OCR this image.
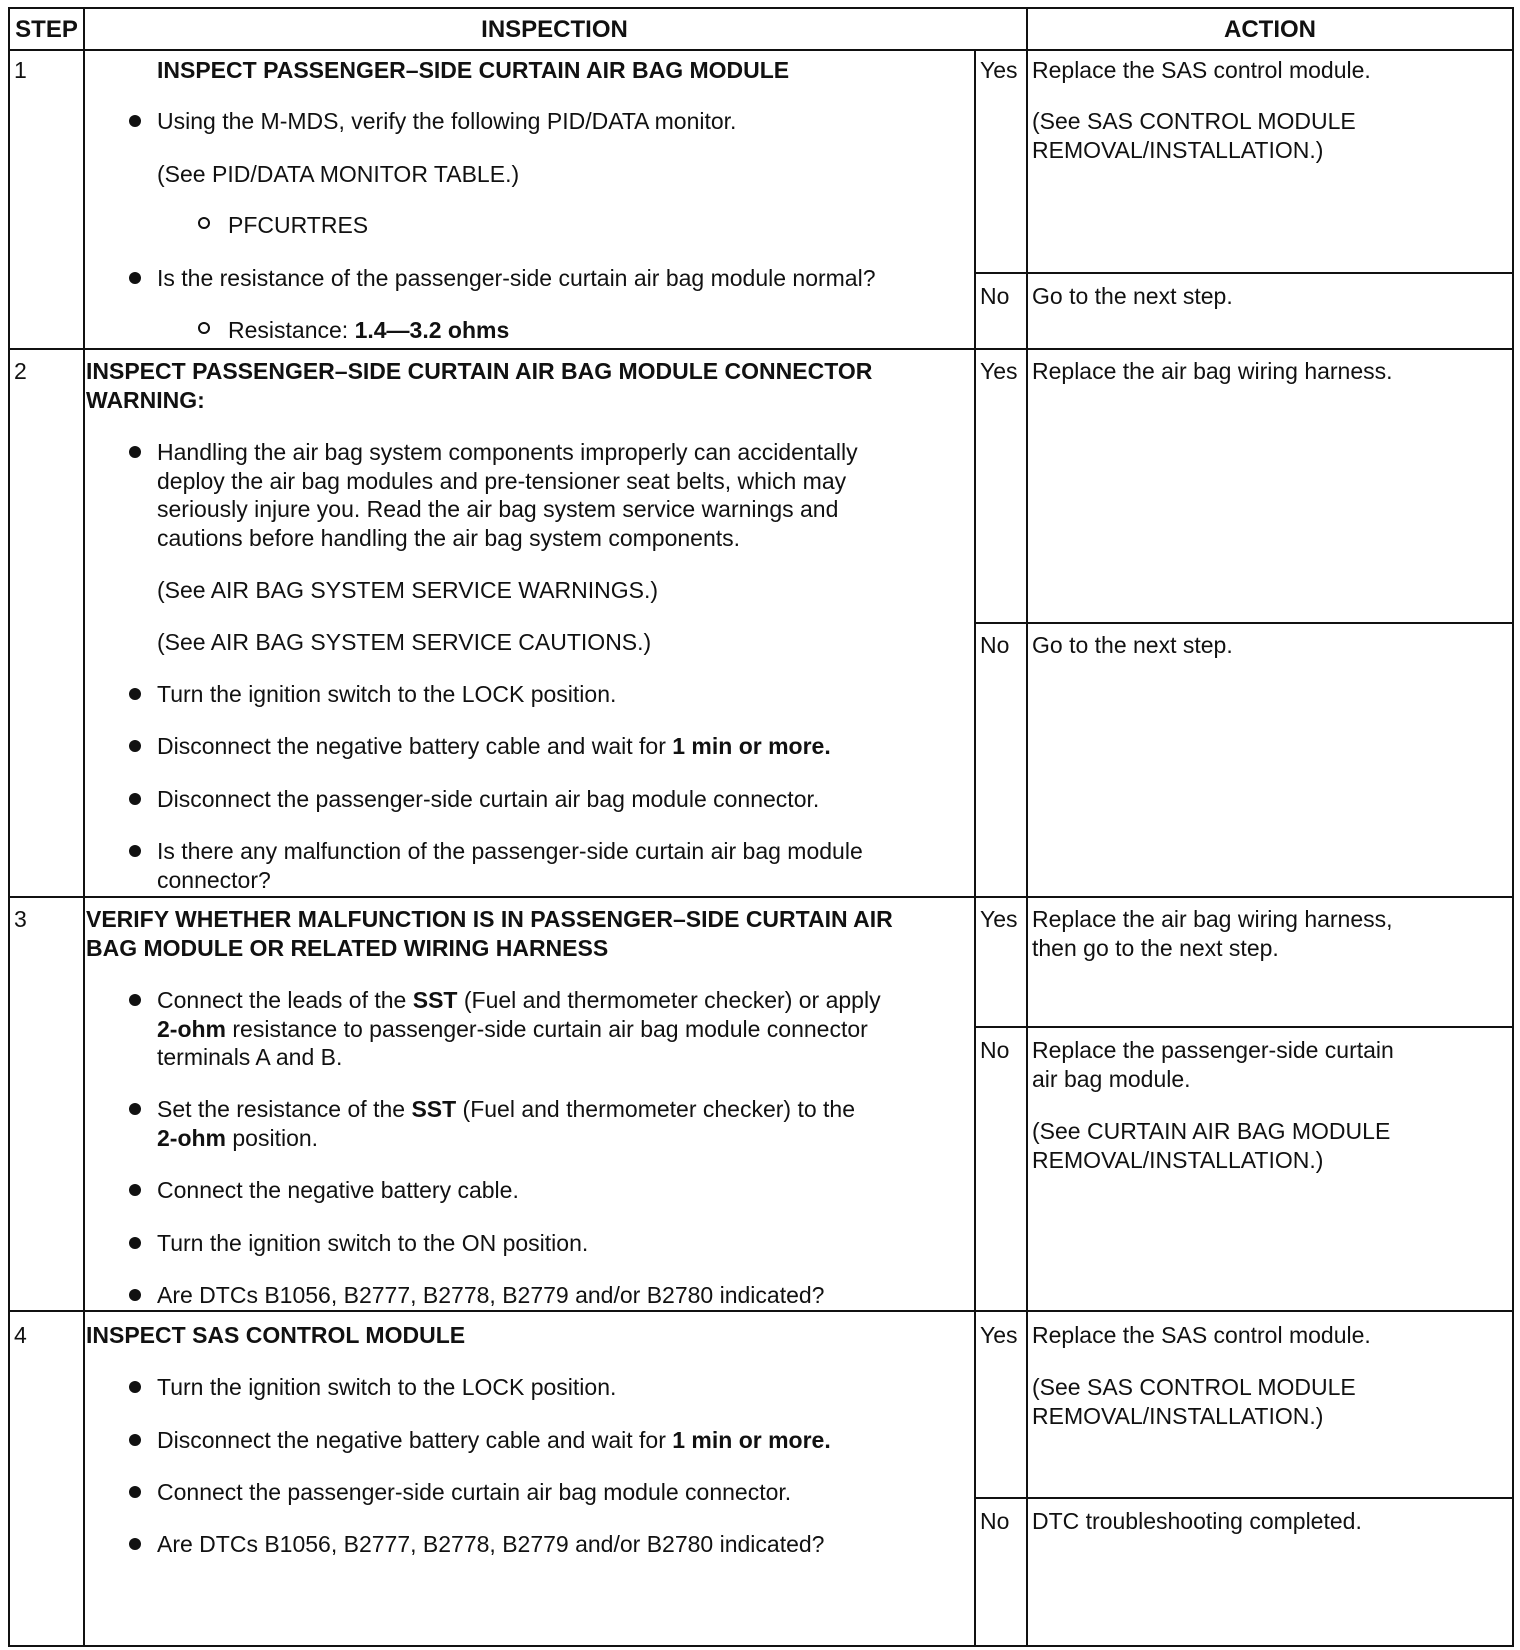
STEP	INSPECTION	ACTION
1	INSPECT PASSENGER–SIDE CURTAIN AIR BAG MODULE
Using the M-MDS, verify the following PID/DATA monitor.
(See PID/DATA MONITOR TABLE.)
PFCURTRES
Is the resistance of the passenger-side curtain air bag module normal?
Resistance: 1.4—3.2 ohms
Yes Replace the SAS control module.
(See SAS CONTROL MODULE
REMOVAL/INSTALLATION.)
No Go to the next step.
2	INSPECT PASSENGER–SIDE CURTAIN AIR BAG MODULE CONNECTOR
WARNING:
Handling the air bag system components improperly can accidentally
deploy the air bag modules and pre-tensioner seat belts, which may
seriously injure you. Read the air bag system service warnings and
cautions before handling the air bag system components.
(See AIR BAG SYSTEM SERVICE WARNINGS.)
(See AIR BAG SYSTEM SERVICE CAUTIONS.)
Turn the ignition switch to the LOCK position.
Disconnect the negative battery cable and wait for 1 min or more.
Disconnect the passenger-side curtain air bag module connector.
Is there any malfunction of the passenger-side curtain air bag module
connector?
Yes Replace the air bag wiring harness.
No Go to the next step.
3	VERIFY WHETHER MALFUNCTION IS IN PASSENGER–SIDE CURTAIN AIR
BAG MODULE OR RELATED WIRING HARNESS
Connect the leads of the SST (Fuel and thermometer checker) or apply
2-ohm resistance to passenger-side curtain air bag module connector
terminals A and B.
Set the resistance of the SST (Fuel and thermometer checker) to the
2-ohm position.
Connect the negative battery cable.
Turn the ignition switch to the ON position.
Are DTCs B1056, B2777, B2778, B2779 and/or B2780 indicated?
Yes Replace the air bag wiring harness,
then go to the next step.
No Replace the passenger-side curtain
air bag module.
(See CURTAIN AIR BAG MODULE
REMOVAL/INSTALLATION.)
4	INSPECT SAS CONTROL MODULE
Turn the ignition switch to the LOCK position.
Disconnect the negative battery cable and wait for 1 min or more.
Connect the passenger-side curtain air bag module connector.
Are DTCs B1056, B2777, B2778, B2779 and/or B2780 indicated?
Yes Replace the SAS control module.
(See SAS CONTROL MODULE
REMOVAL/INSTALLATION.)
No DTC troubleshooting completed.
